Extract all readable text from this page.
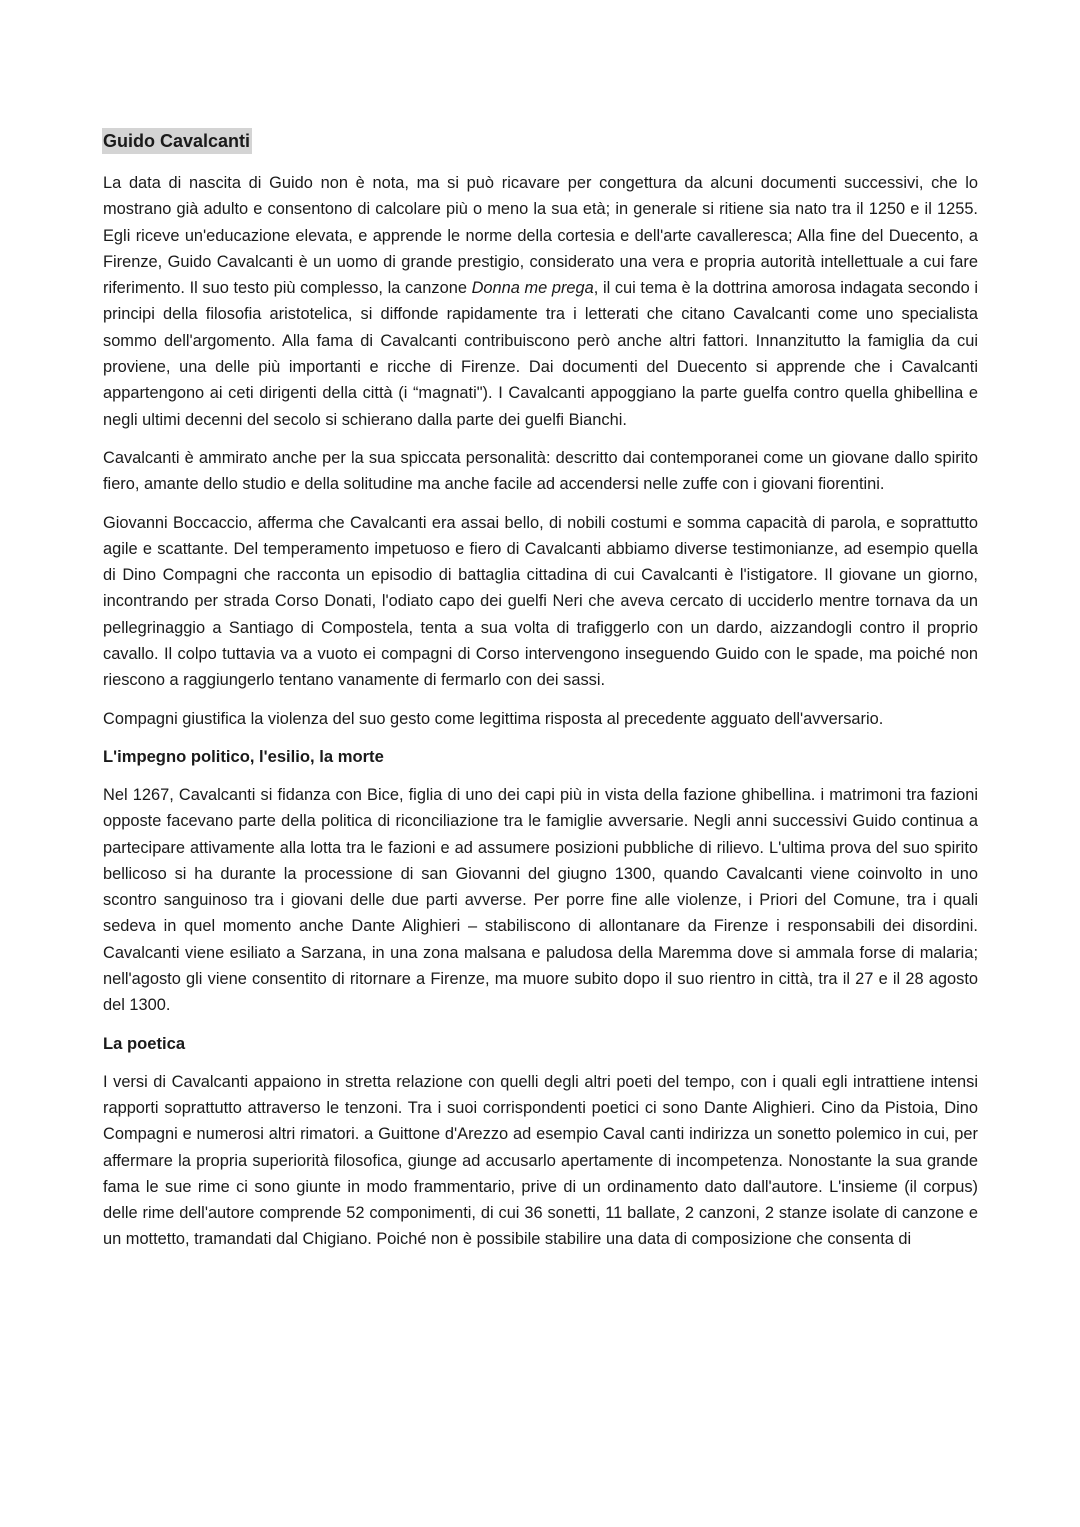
Guido Cavalcanti

La data di nascita di Guido non è nota, ma si può ricavare per congettura da alcuni documenti successivi, che lo mostrano già adulto e consentono di calcolare più o meno la sua età; in generale si ritiene sia nato tra il 1250 e il 1255. Egli riceve un'educazione elevata, e apprende le norme della cortesia e dell'arte cavalleresca; Alla fine del Duecento, a Firenze, Guido Cavalcanti è un uomo di grande prestigio, considerato una vera e propria autorità intellettuale a cui fare riferimento. Il suo testo più complesso, la canzone Donna me prega, il cui tema è la dottrina amorosa indagata secondo i principi della filosofia aristotelica, si diffonde rapidamente tra i letterati che citano Cavalcanti come uno specialista sommo dell'argomento. Alla fama di Cavalcanti contribuiscono però anche altri fattori. Innanzitutto la famiglia da cui proviene, una delle più importanti e ricche di Firenze. Dai documenti del Duecento si apprende che i Cavalcanti appartengono ai ceti dirigenti della città (i “magnati"). I Cavalcanti appoggiano la parte guelfa contro quella ghibellina e negli ultimi decenni del secolo si schierano dalla parte dei guelfi Bianchi.

Cavalcanti è ammirato anche per la sua spiccata personalità: descritto dai contemporanei come un giovane dallo spirito fiero, amante dello studio e della solitudine ma anche facile ad accendersi nelle zuffe con i giovani fiorentini.

Giovanni Boccaccio, afferma che Cavalcanti era assai bello, di nobili costumi e somma capacità di parola, e soprattutto agile e scattante. Del temperamento impetuoso e fiero di Cavalcanti abbiamo diverse testimonianze, ad esempio quella di Dino Compagni che racconta un episodio di battaglia cittadina di cui Cavalcanti è l'istigatore. Il giovane un giorno, incontrando per strada Corso Donati, l'odiato capo dei guelfi Neri che aveva cercato di ucciderlo mentre tornava da un pellegrinaggio a Santiago di Compostela, tenta a sua volta di trafiggerlo con un dardo, aizzandogli contro il proprio cavallo. Il colpo tuttavia va a vuoto ei compagni di Corso intervengono inseguendo Guido con le spade, ma poiché non riescono a raggiungerlo tentano vanamente di fermarlo con dei sassi.

Compagni giustifica la violenza del suo gesto come legittima risposta al precedente agguato dell'avversario.

L'impegno politico, l'esilio, la morte

Nel 1267, Cavalcanti si fidanza con Bice, figlia di uno dei capi più in vista della fazione ghibellina. i matrimoni tra fazioni opposte facevano parte della politica di riconciliazione tra le famiglie avversarie. Negli anni successivi Guido continua a partecipare attivamente alla lotta tra le fazioni e ad assumere posizioni pubbliche di rilievo. L'ultima prova del suo spirito bellicoso si ha durante la processione di san Giovanni del giugno 1300, quando Cavalcanti viene coinvolto in uno scontro sanguinoso tra i giovani delle due parti avverse. Per porre fine alle violenze, i Priori del Comune, tra i quali sedeva in quel momento anche Dante Alighieri – stabiliscono di allontanare da Firenze i responsabili dei disordini. Cavalcanti viene esiliato a Sarzana, in una zona malsana e paludosa della Maremma dove si ammala forse di malaria; nell'agosto gli viene consentito di ritornare a Firenze, ma muore subito dopo il suo rientro in città, tra il 27 e il 28 agosto del 1300.

La poetica

I versi di Cavalcanti appaiono in stretta relazione con quelli degli altri poeti del tempo, con i quali egli intrattiene intensi rapporti soprattutto attraverso le tenzoni. Tra i suoi corrispondenti poetici ci sono Dante Alighieri. Cino da Pistoia, Dino Compagni e numerosi altri rimatori. a Guittone d'Arezzo ad esempio Caval canti indirizza un sonetto polemico in cui, per affermare la propria superiorità filosofica, giunge ad accusarlo apertamente di incompetenza. Nonostante la sua grande fama le sue rime ci sono giunte in modo frammentario, prive di un ordinamento dato dall'autore. L'insieme (il corpus) delle rime dell'autore comprende 52 componimenti, di cui 36 sonetti, 11 ballate, 2 canzoni, 2 stanze isolate di canzone e un mottetto, tramandati dal Chigiano. Poiché non è possibile stabilire una data di composizione che consenta di
